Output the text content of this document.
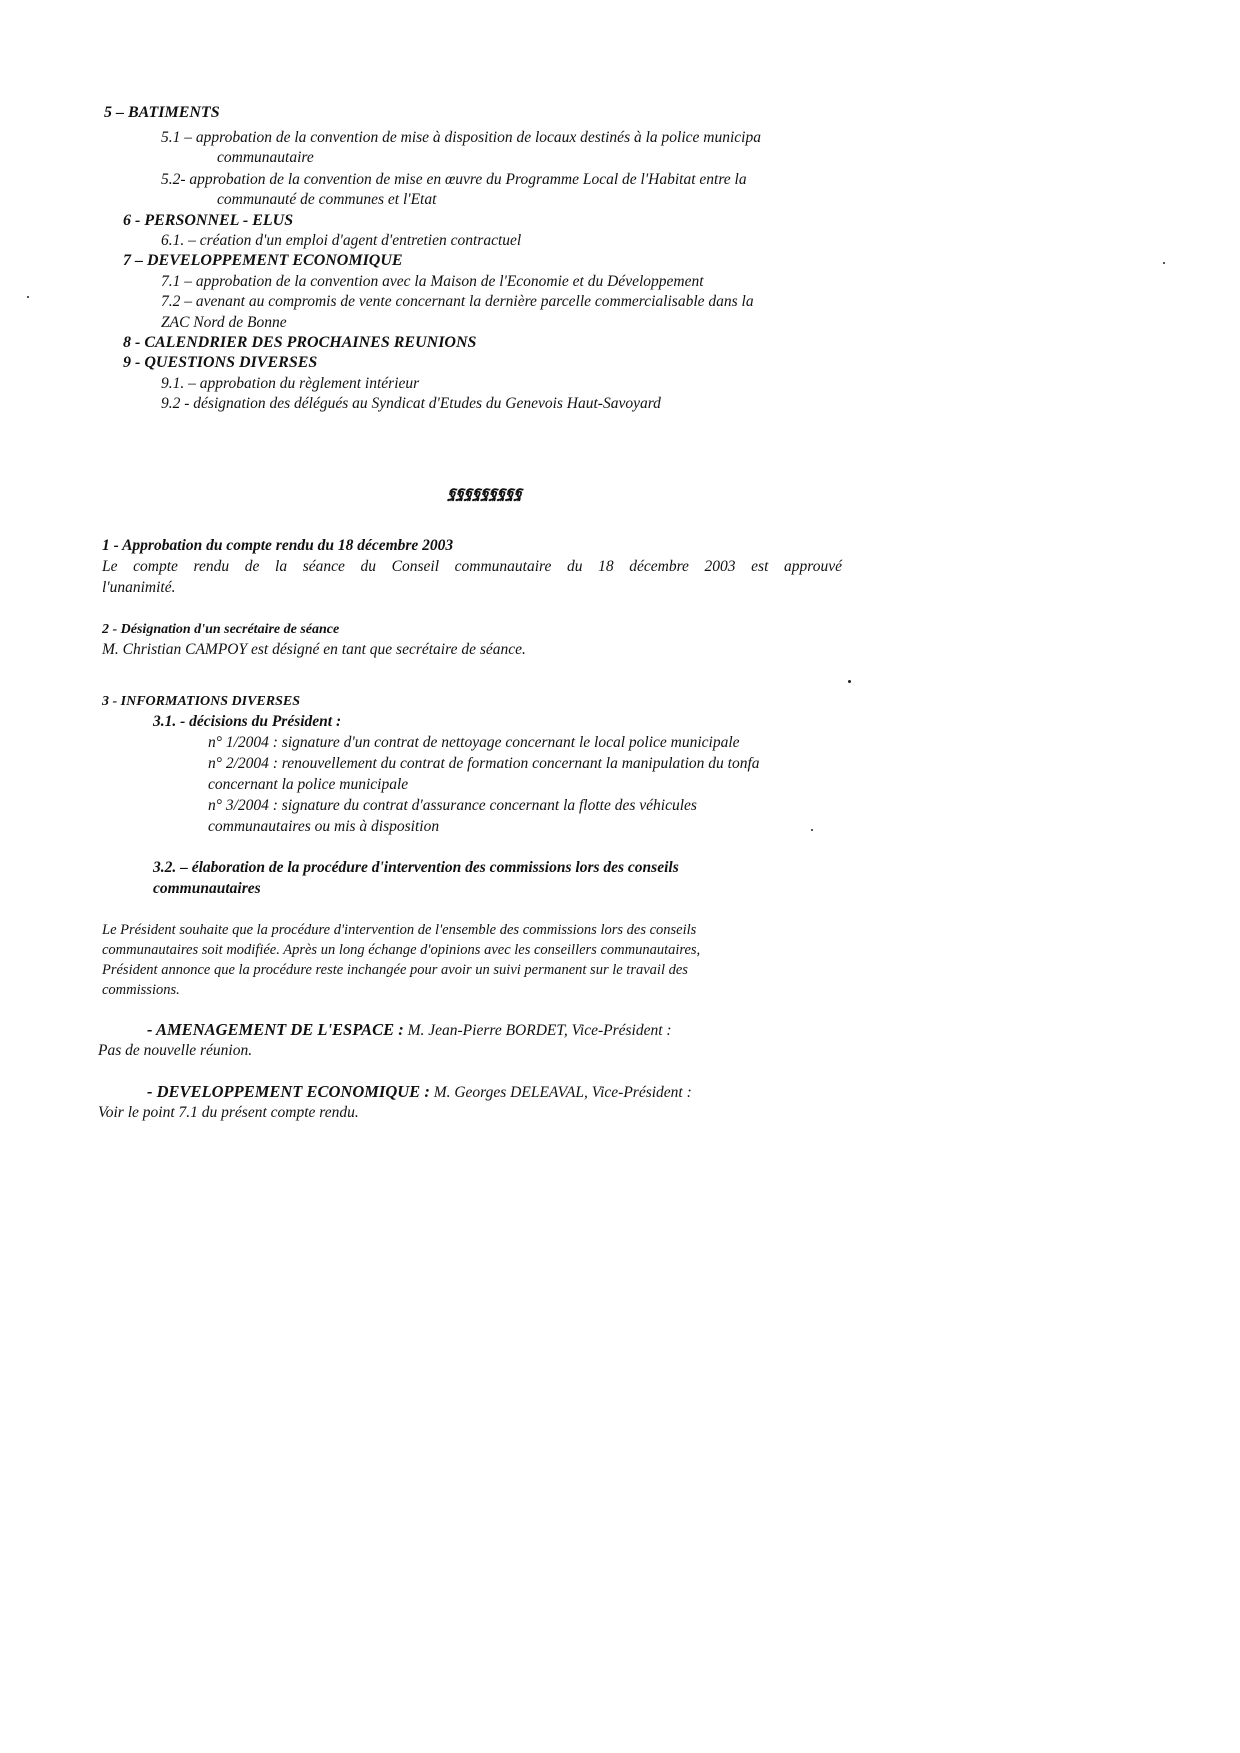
5 – BATIMENTS
5.1 – approbation de la convention de mise à disposition de locaux destinés à la police municipa
communautaire
5.2- approbation de la convention de mise en œuvre du Programme Local de l'Habitat entre la
communauté de communes et l'Etat
6 - PERSONNEL - ELUS
6.1. – création d'un emploi d'agent d'entretien contractuel
7 – DEVELOPPEMENT ECONOMIQUE
7.1 – approbation de la convention avec la Maison de l'Economie et du Développement
7.2 – avenant au compromis de vente concernant la dernière parcelle commercialisable dans la
ZAC Nord de Bonne
8 - CALENDRIER DES PROCHAINES REUNIONS
9 - QUESTIONS DIVERSES
9.1. – approbation du règlement intérieur
9.2 - désignation des délégués au Syndicat d'Etudes du Genevois Haut-Savoyard
ฐฐฐฐฐฐฐฐฐ
1 - Approbation du compte rendu du 18 décembre 2003
Le compte rendu de la séance du Conseil communautaire du 18 décembre 2003 est approuvé
l'unanimité.
2 - Désignation d'un secrétaire de séance
M. Christian CAMPOY est désigné en tant que secrétaire de séance.
3 - INFORMATIONS DIVERSES
3.1. - décisions du Président :
n° 1/2004 : signature d'un contrat de nettoyage concernant le local police municipale
n° 2/2004 : renouvellement du contrat de formation concernant la manipulation du tonfa
concernant la police municipale
n° 3/2004 : signature du contrat d'assurance concernant la flotte des véhicules
communautaires ou mis à disposition
3.2. – élaboration de la procédure d'intervention des commissions lors des conseils
communautaires
Le Président souhaite que la procédure d'intervention de l'ensemble des commissions lors des conseils
communautaires soit modifiée. Après un long échange d'opinions avec les conseillers communautaires,
Président annonce que la procédure reste inchangée pour avoir un suivi permanent sur le travail des
commissions.
- AMENAGEMENT DE L'ESPACE : M. Jean-Pierre BORDET, Vice-Président :
Pas de nouvelle réunion.
- DEVELOPPEMENT ECONOMIQUE : M. Georges DELEAVAL, Vice-Président :
Voir le point 7.1 du présent compte rendu.
